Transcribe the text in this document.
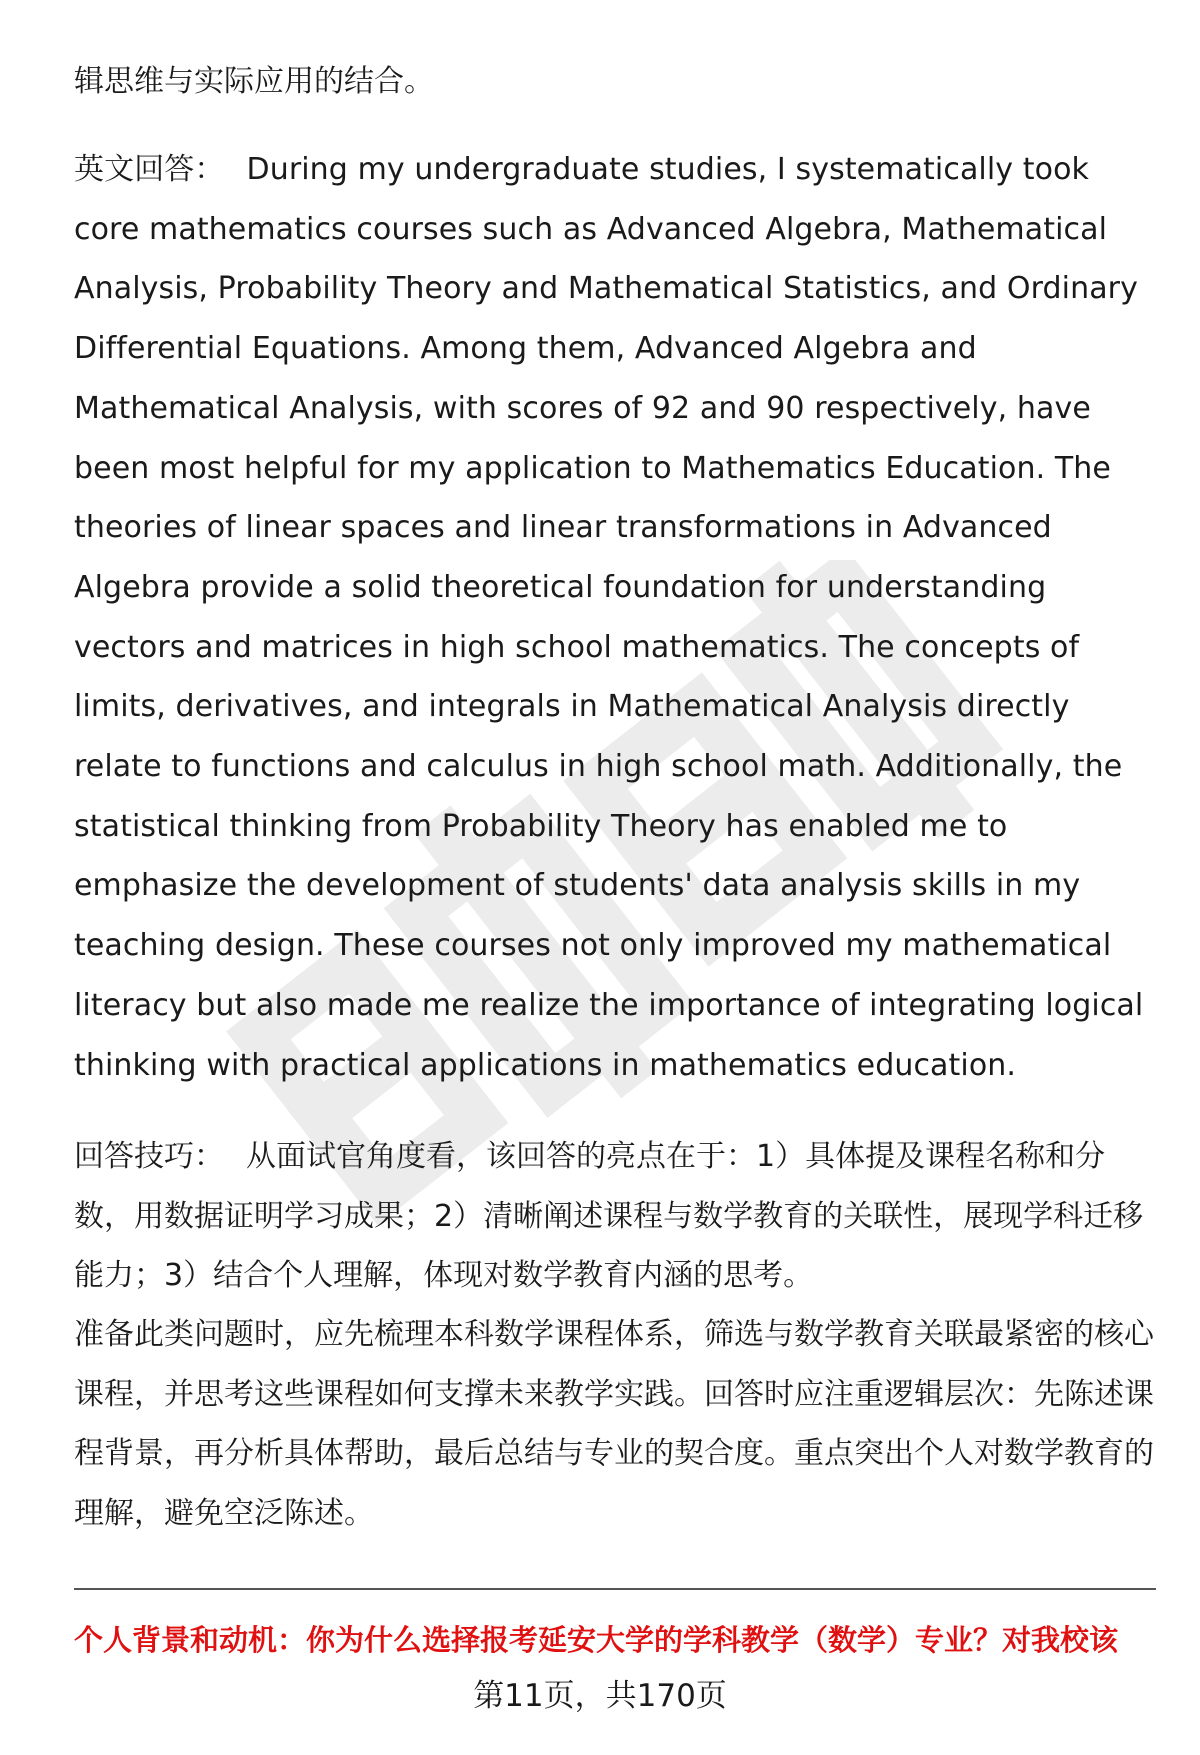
辑思维与实际应用的结合。

英文回答： During my undergraduate studies, I systematically took core mathematics courses such as Advanced Algebra, Mathematical Analysis, Probability Theory and Mathematical Statistics, and Ordinary Differential Equations. Among them, Advanced Algebra and Mathematical Analysis, with scores of 92 and 90 respectively, have been most helpful for my application to Mathematics Education. The theories of linear spaces and linear transformations in Advanced Algebra provide a solid theoretical foundation for understanding vectors and matrices in high school mathematics. The concepts of limits, derivatives, and integrals in Mathematical Analysis directly relate to functions and calculus in high school math. Additionally, the statistical thinking from Probability Theory has enabled me to emphasize the development of students' data analysis skills in my teaching design. These courses not only improved my mathematical literacy but also made me realize the importance of integrating logical thinking with practical applications in mathematics education.

回答技巧： 从面试官角度看，该回答的亮点在于：1）具体提及课程名称和分数，用数据证明学习成果；2）清晰阐述课程与数学教育的关联性，展现学科迁移能力；3）结合个人理解，体现对数学教育内涵的思考。

准备此类问题时，应先梳理本科数学课程体系，筛选与数学教育关联最紧密的核心课程，并思考这些课程如何支撑未来教学实践。回答时应注重逻辑层次：先陈述课程背景，再分析具体帮助，最后总结与专业的契合度。重点突出个人对数学教育的理解，避免空泛陈述。

个人背景和动机：你为什么选择报考延安大学的学科教学（数学）专业？对我校该

第11页，共170页
